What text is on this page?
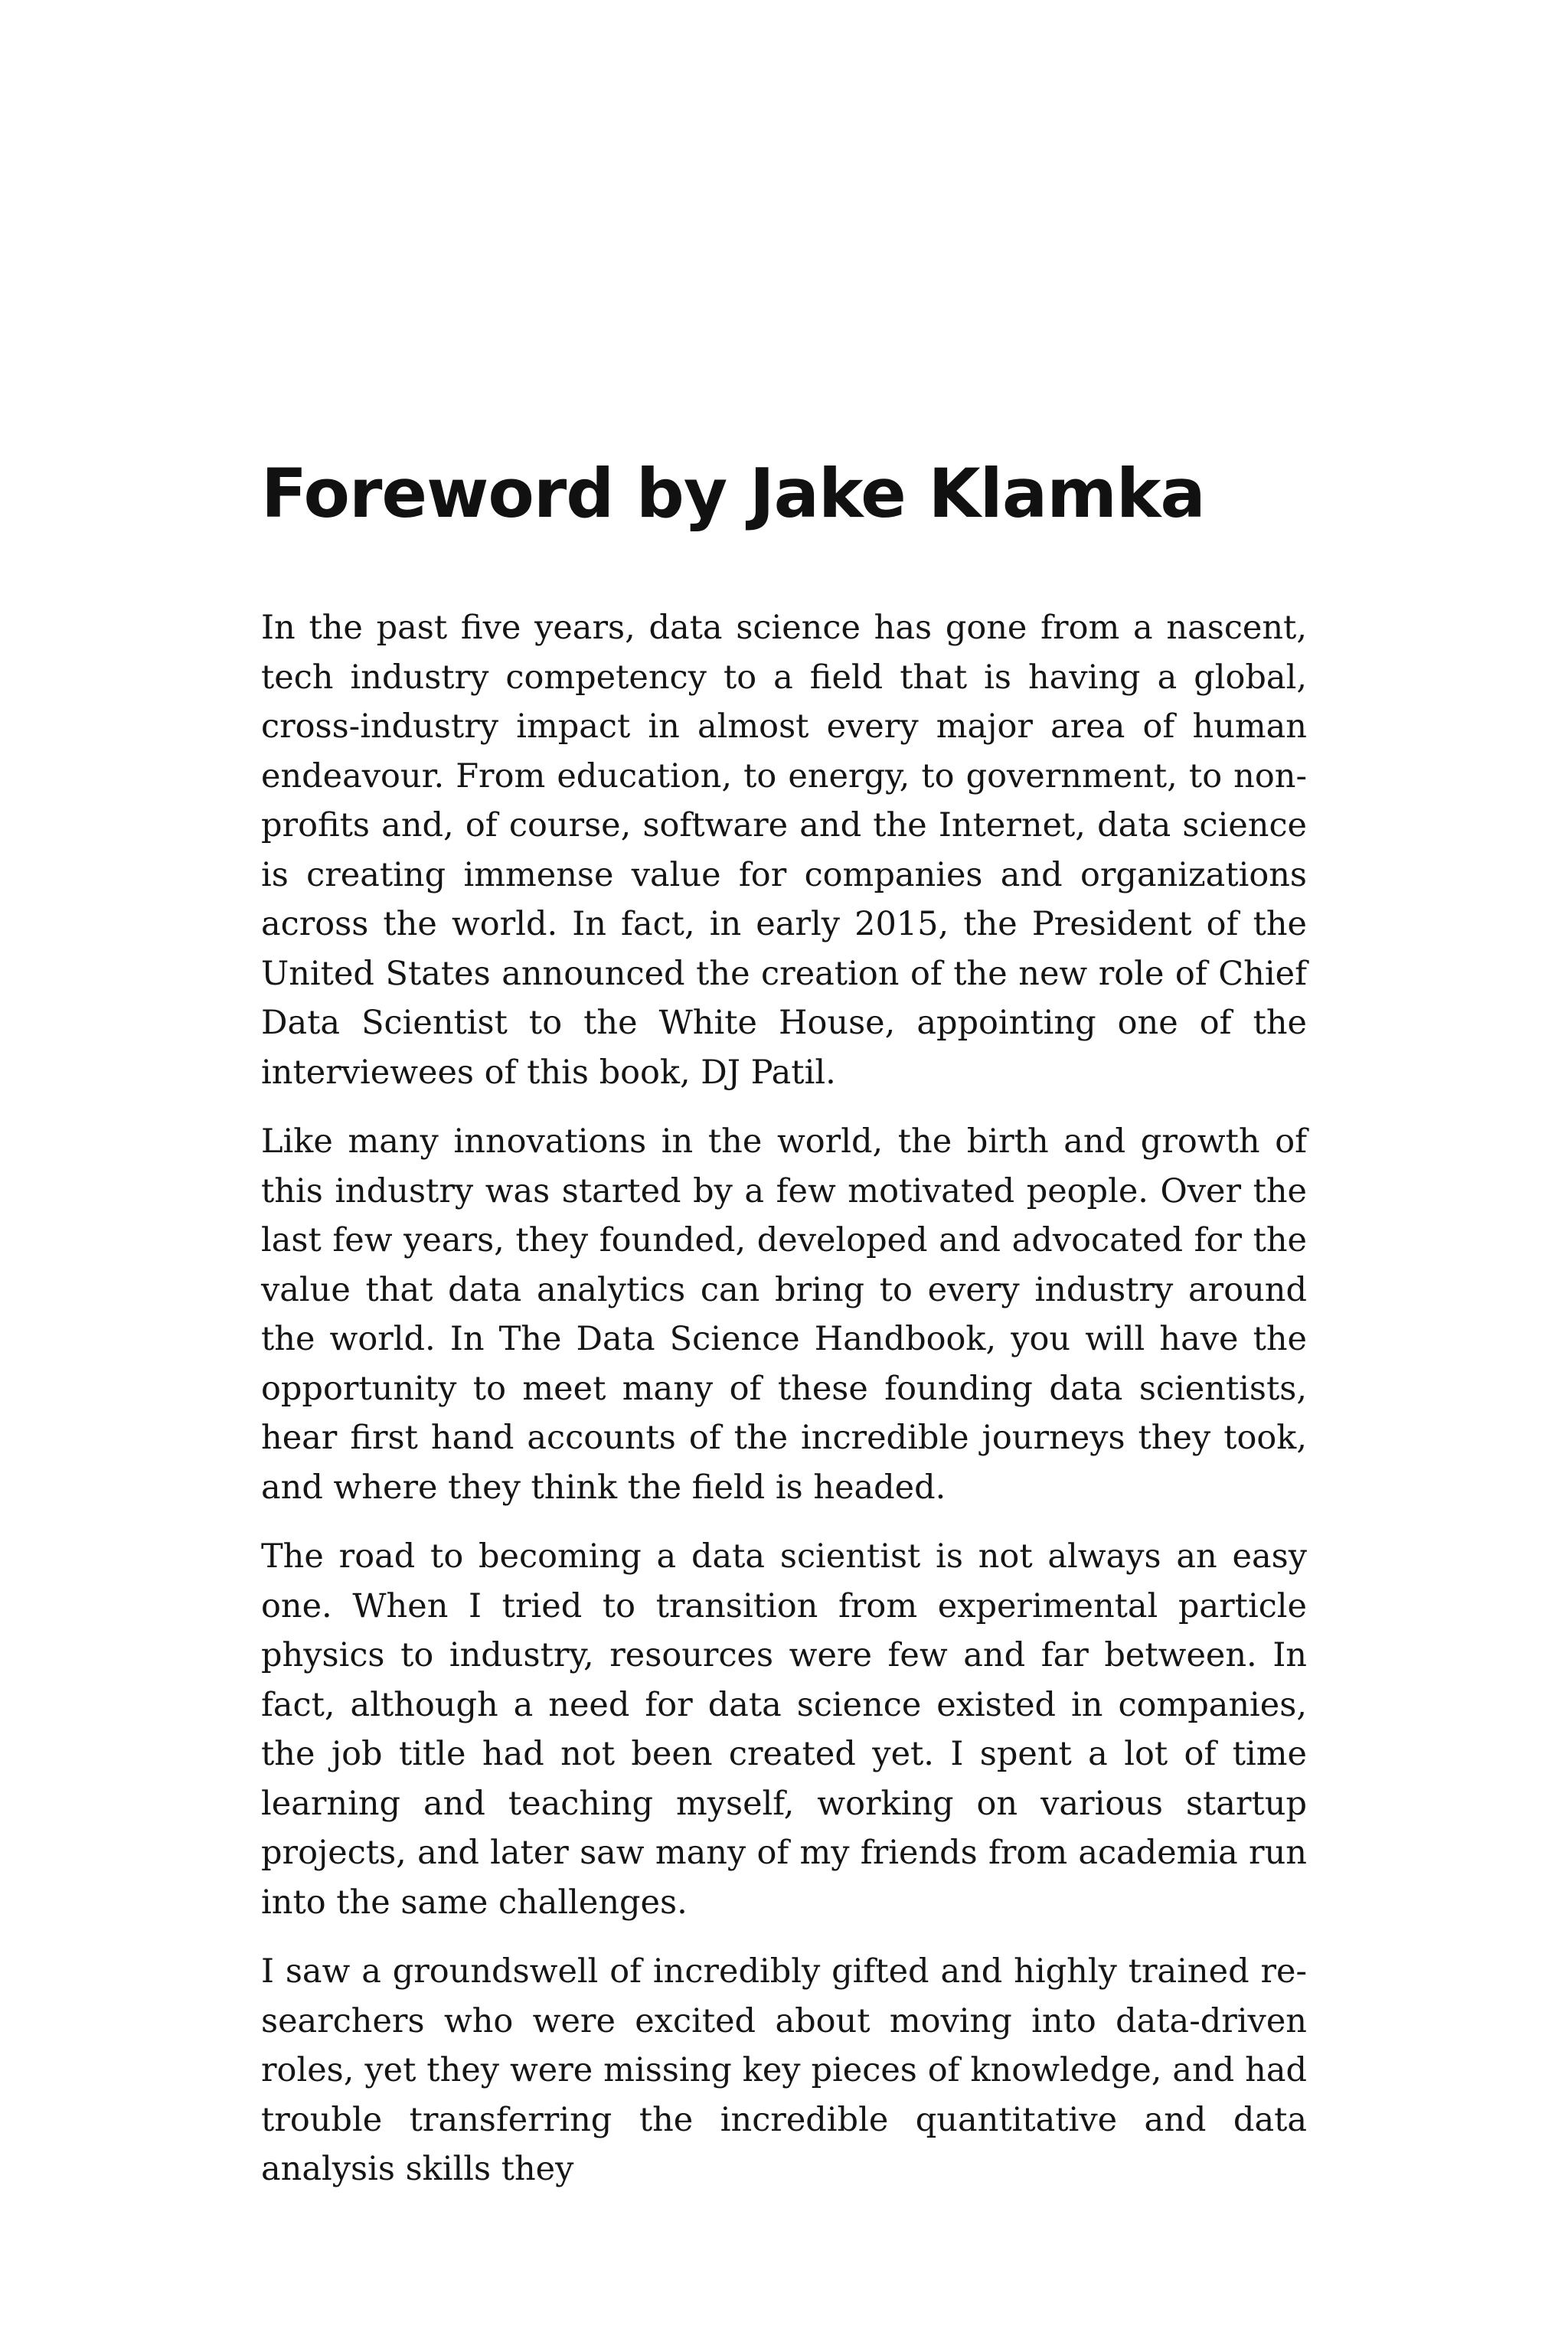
Foreword by Jake Klamka

In the past five years, data science has gone from a nascent, tech industry competency to a field that is having a global, cross-industry impact in almost every major area of human endeavour. From education, to energy, to government, to non-profits and, of course, software and the Internet, data science is creating immense value for companies and organizations across the world. In fact, in early 2015, the President of the United States announced the creation of the new role of Chief Data Scientist to the White House, appointing one of the interviewees of this book, DJ Patil.

Like many innovations in the world, the birth and growth of this industry was started by a few motivated people. Over the last few years, they founded, developed and advocated for the value that data analytics can bring to every industry around the world. In The Data Science Handbook, you will have the opportunity to meet many of these founding data scientists, hear first hand accounts of the incredible journeys they took, and where they think the field is headed.

The road to becoming a data scientist is not always an easy one. When I tried to transition from experimental particle physics to industry, resources were few and far between. In fact, although a need for data science existed in companies, the job title had not been created yet. I spent a lot of time learning and teaching myself, working on various startup projects, and later saw many of my friends from academia run into the same challenges.

I saw a groundswell of incredibly gifted and highly trained researchers who were excited about moving into data-driven roles, yet they were missing key pieces of knowledge, and had trouble transferring the incredible quantitative and data analysis skills they
